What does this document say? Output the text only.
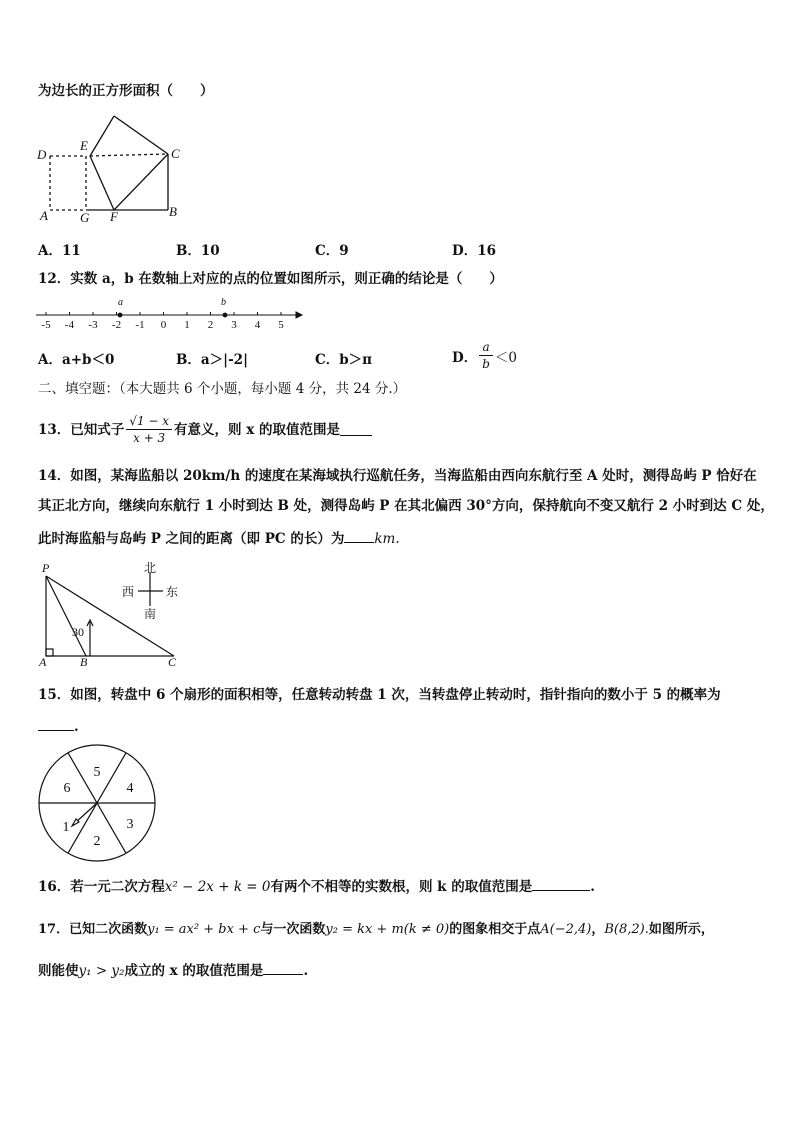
为边长的正方形面积（　　）
D
E
C
A G F	B
A．11	B．10	C．9	D．16
12．实数 a，b 在数轴上对应的点的位置如图所示，则正确的结论是（　　）
-5 -4 -3 -2 -1 0 1 2 3 4 5
a	b
A．a+b＜0	B．a＞|-2|	C．b＞π	D． $\frac{a}{b} <0$
二、填空题：（本大题共 6 个小题，每小题 4 分，共 24 分.）
13．已知式子 $\frac{√1 - x}{x + 3}$ 有意义，则 x 的取值范围是
14．如图，某海监船以 20km/h 的速度在某海域执行巡航任务，当海监船由西向东航行至 A 处时，测得岛屿 P 恰好在
其正北方向，继续向东航行 1 小时到达 B 处，测得岛屿 P 在其北偏西 30°方向，保持航向不变又航行 2 小时到达 C 处，
此时海监船与岛屿 P 之间的距离（即 PC 的长）为 km.
P
A	B	C
30
北
南
西	东
15．如图，转盘中 6 个扇形的面积相等，任意转动转盘 1 次，当转盘停止转动时，指针指向的数小于 5 的概率为
.
5
4
3
2
1
6
16．若一元二次方程x² − 2x + k = 0有两个不相等的实数根，则 k 的取值范围是	.
17．已知二次函数y₁ = ax² + bx + c与一次函数y₂ = kx + m(k ≠ 0)的图象相交于点A(−2,4)，B(8,2).如图所示，
则能使y₁ > y₂成立的 x 的取值范围是	.
